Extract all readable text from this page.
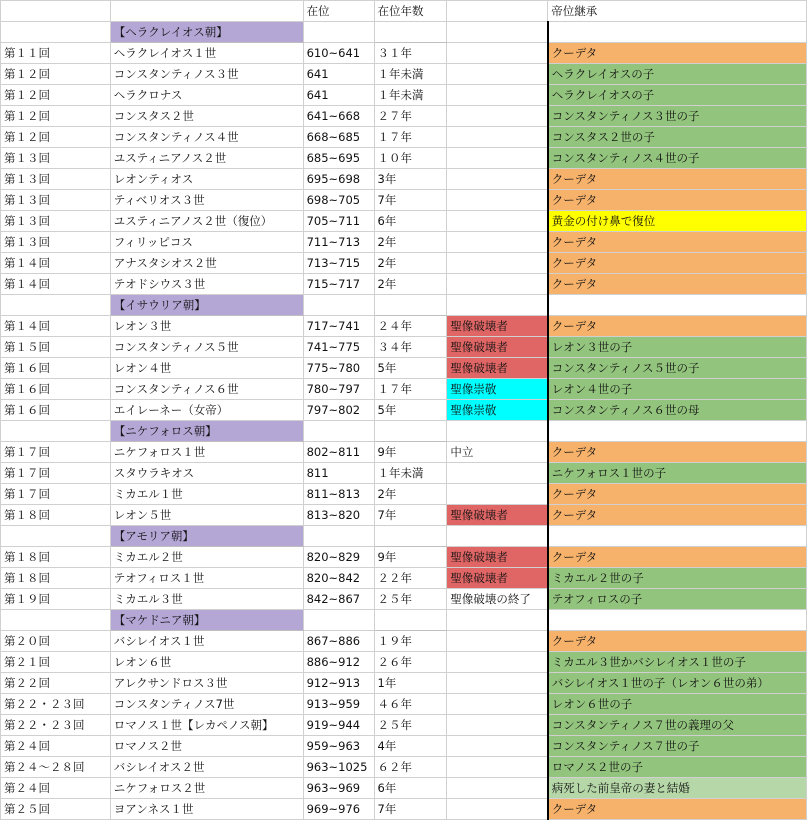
		在位	在位年数		帝位継承
	【ヘラクレイオス朝】				
第１１回	ヘラクレイオス１世	610~641	３１年		クーデタ
第１２回	コンスタンティノス３世	641	１年未満		ヘラクレイオスの子
第１２回	ヘラクロナス	641	１年未満		ヘラクレイオスの子
第１２回	コンスタス２世	641~668	２７年		コンスタンティノス３世の子
第１２回	コンスタンティノス４世	668~685	１７年		コンスタス２世の子
第１３回	ユスティニアノス２世	685~695	１０年		コンスタンティノス４世の子
第１３回	レオンティオス	695~698	3年		クーデタ
第１３回	ティベリオス３世	698~705	7年		クーデタ
第１３回	ユスティニアノス２世（復位）	705~711	6年		黄金の付け鼻で復位
第１３回	フィリッピコス	711~713	2年		クーデタ
第１４回	アナスタシオス２世	713~715	2年		クーデタ
第１４回	テオドシウス３世	715~717	2年		クーデタ
	【イサウリア朝】				
第１４回	レオン３世	717~741	２４年	聖像破壊者	クーデタ
第１５回	コンスタンティノス５世	741~775	３４年	聖像破壊者	レオン３世の子
第１６回	レオン４世	775~780	5年	聖像破壊者	コンスタンティノス５世の子
第１６回	コンスタンティノス６世	780~797	１７年	聖像崇敬	レオン４世の子
第１６回	エイレーネー（女帝）	797~802	5年	聖像崇敬	コンスタンティノス６世の母
	【ニケフォロス朝】				
第１７回	ニケフォロス１世	802~811	9年	中立	クーデタ
第１７回	スタウラキオス	811	１年未満		ニケフォロス１世の子
第１７回	ミカエル１世	811~813	2年		クーデタ
第１８回	レオン５世	813~820	7年	聖像破壊者	クーデタ
	【アモリア朝】				
第１８回	ミカエル２世	820~829	9年	聖像破壊者	クーデタ
第１８回	テオフィロス１世	820~842	２２年	聖像破壊者	ミカエル２世の子
第１９回	ミカエル３世	842~867	２５年	聖像破壊の終了	テオフィロスの子
	【マケドニア朝】				
第２０回	バシレイオス１世	867~886	１９年		クーデタ
第２１回	レオン６世	886~912	２６年		ミカエル３世かバシレイオス１世の子
第２２回	アレクサンドロス３世	912~913	1年		バシレイオス１世の子（レオン６世の弟）
第２２・２３回	コンスタンティノス7世	913~959	４６年		レオン６世の子
第２２・２３回	ロマノス１世【レカペノス朝】	919~944	２５年		コンスタンティノス７世の義理の父
第２４回	ロマノス２世	959~963	4年		コンスタンティノス７世の子
第２４～２８回	バシレイオス２世	963~1025	６２年		ロマノス２世の子
第２４回	ニケフォロス２世	963~969	6年		病死した前皇帝の妻と結婚
第２５回	ヨアンネス１世	969~976	7年		クーデタ
